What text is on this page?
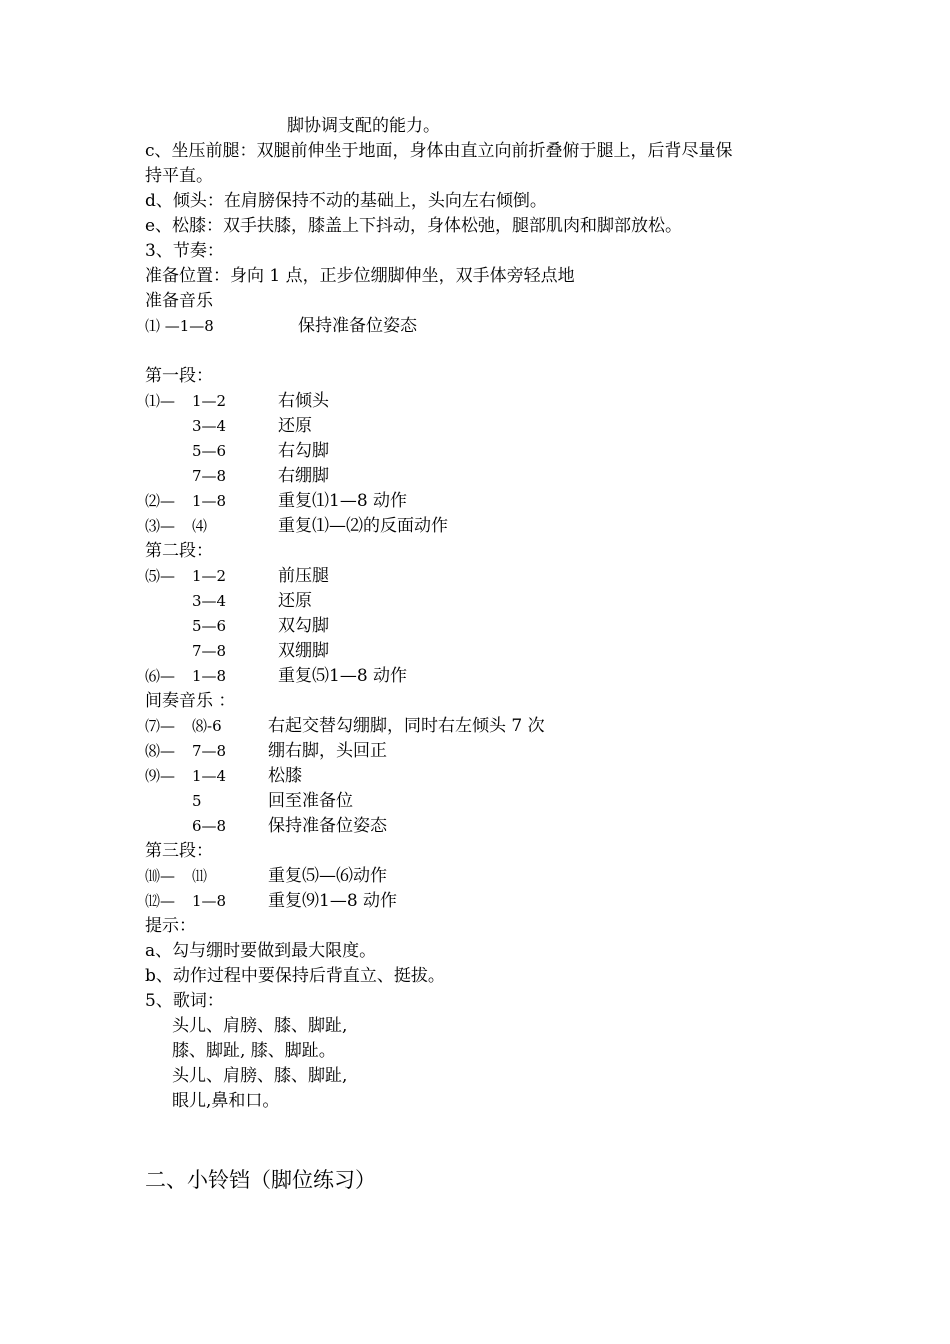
脚协调支配的能力。
c、坐压前腿：双腿前伸坐于地面，身体由直立向前折叠俯于腿上，后背尽量保
持平直。
d、倾头：在肩膀保持不动的基础上，头向左右倾倒。
e、松膝：双手扶膝，膝盖上下抖动，身体松弛，腿部肌肉和脚部放松。
3、节奏：
准备位置：身向 1 点，正步位绷脚伸坐，双手体旁轻点地
准备音乐
⑴ —1—8	保持准备位姿态
第一段：
⑴— 1—2	右倾头
3—4	还原
5—6	右勾脚
7—8	右绷脚
⑵— 1—8	重复⑴1—8 动作
⑶— ⑷	重复⑴—⑵的反面动作
第二段：
⑸— 1—2	前压腿
3—4	还原
5—6	双勾脚
7—8	双绷脚
⑹— 1—8	重复⑸1—8 动作
间奏音乐 ：
⑺— ⑻-6	右起交替勾绷脚，同时右左倾头 7 次
⑻— 7—8 绷右脚，头回正
⑼— 1—4 松膝
5	回至准备位
6—8 保持准备位姿态
第三段：
⑽— ⑾	重复⑸—⑹动作
⑿— 1—8 重复⑼1—8 动作
提示：
a、勾与绷时要做到最大限度。
b、动作过程中要保持后背直立、挺拔。
5、歌词：
头儿、肩膀、膝、脚趾,
膝、脚趾, 膝、脚趾。
头儿、肩膀、膝、脚趾,
眼儿,鼻和口。
二、小铃铛（脚位练习）
